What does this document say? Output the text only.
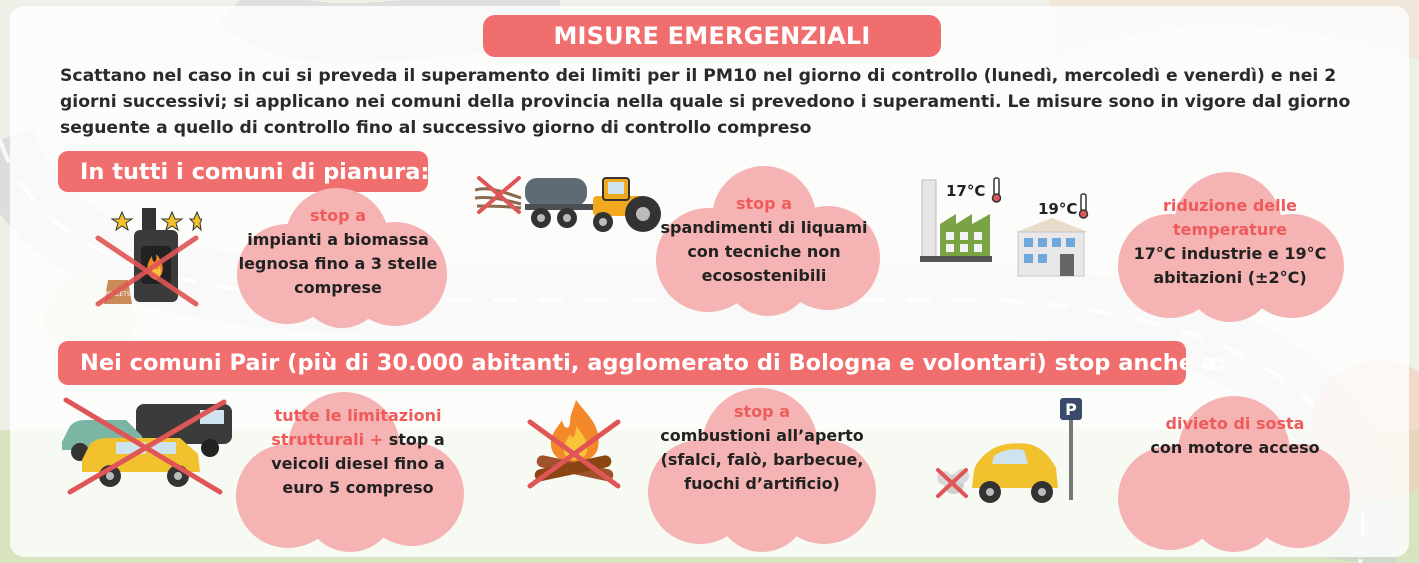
MISURE EMERGENZIALI

Scattano nel caso in cui si preveda il superamento dei limiti per il PM10 nel giorno di controllo (lunedì, mercoledì e venerdì) e nei 2 giorni successivi; si applicano nei comuni della provincia nella quale si prevedono i superamenti. Le misure sono in vigore dal giorno seguente a quello di controllo fino al successivo giorno di controllo compreso

In tutti i comuni di pianura:
Nei comuni Pair (più di 30.000 abitanti, agglomerato di Bologna e volontari) stop anche a:
PELLETS
stop a
impianti a biomassa legnosa fino a 3 stelle comprese
stop a
spandimenti di liquami con tecniche non ecosostenibili
17°C
19°C	riduzione delle temperature
17°C industrie e 19°C abitazioni (±2°C)
tutte le limitazioni strutturali + stop a veicoli diesel fino a euro 5 compreso
stop a
combustioni all’aperto (sfalci, falò, barbecue, fuochi d’artificio)
P
divieto di sosta
con motore acceso
